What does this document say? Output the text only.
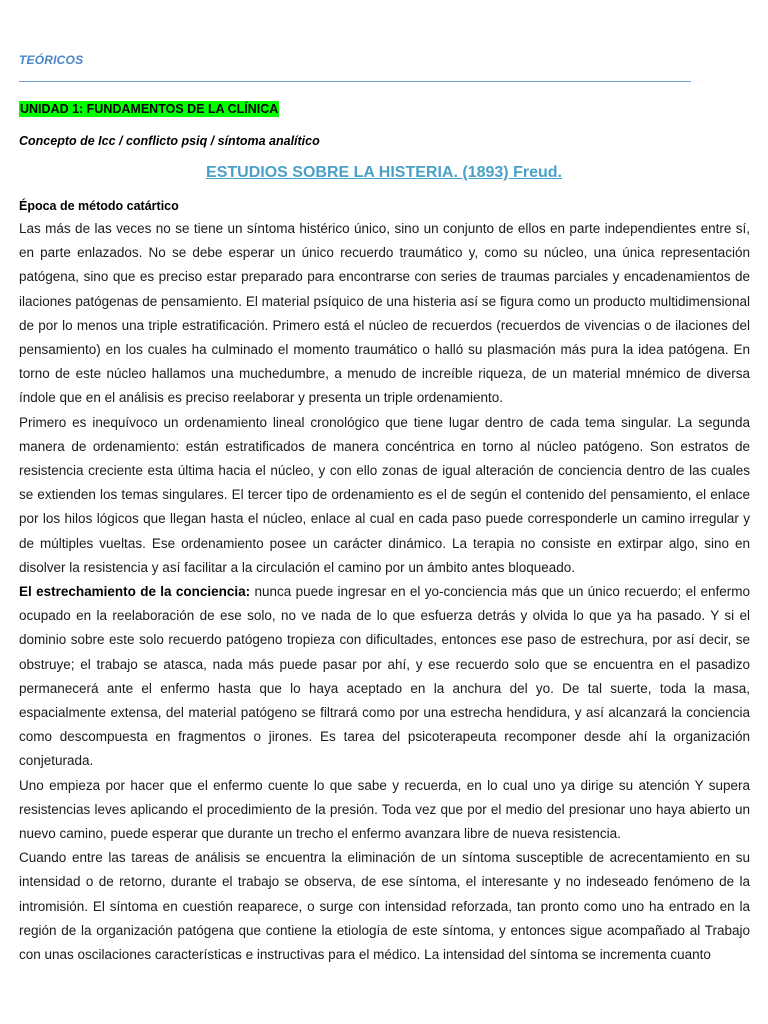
TEÓRICOS
UNIDAD 1: FUNDAMENTOS DE LA CLÍNICA
Concepto de Icc / conflicto psiq / síntoma analítico
ESTUDIOS SOBRE LA HISTERIA. (1893) Freud.
Época de método catártico

Las más de las veces no se tiene un síntoma histérico único, sino un conjunto de ellos en parte independientes entre sí, en parte enlazados. No se debe esperar un único recuerdo traumático y, como su núcleo, una única representación patógena, sino que es preciso estar preparado para encontrarse con series de traumas parciales y encadenamientos de ilaciones patógenas de pensamiento. El material psíquico de una histeria así se figura como un producto multidimensional de por lo menos una triple estratificación. Primero está el núcleo de recuerdos (recuerdos de vivencias o de ilaciones del pensamiento) en los cuales ha culminado el momento traumático o halló su plasmación más pura la idea patógena. En torno de este núcleo hallamos una muchedumbre, a menudo de increíble riqueza, de un material mnémico de diversa índole que en el análisis es preciso reelaborar y presenta un triple ordenamiento.

Primero es inequívoco un ordenamiento lineal cronológico que tiene lugar dentro de cada tema singular. La segunda manera de ordenamiento: están estratificados de manera concéntrica en torno al núcleo patógeno. Son estratos de resistencia creciente esta última hacia el núcleo, y con ello zonas de igual alteración de conciencia dentro de las cuales se extienden los temas singulares. El tercer tipo de ordenamiento es el de según el contenido del pensamiento, el enlace por los hilos lógicos que llegan hasta el núcleo, enlace al cual en cada paso puede corresponderle un camino irregular y de múltiples vueltas. Ese ordenamiento posee un carácter dinámico. La terapia no consiste en extirpar algo, sino en disolver la resistencia y así facilitar a la circulación el camino por un ámbito antes bloqueado.

El estrechamiento de la conciencia: nunca puede ingresar en el yo-conciencia más que un único recuerdo; el enfermo ocupado en la reelaboración de ese solo, no ve nada de lo que esfuerza detrás y olvida lo que ya ha pasado. Y si el dominio sobre este solo recuerdo patógeno tropieza con dificultades, entonces ese paso de estrechura, por así decir, se obstruye; el trabajo se atasca, nada más puede pasar por ahí, y ese recuerdo solo que se encuentra en el pasadizo permanecerá ante el enfermo hasta que lo haya aceptado en la anchura del yo. De tal suerte, toda la masa, espacialmente extensa, del material patógeno se filtrará como por una estrecha hendidura, y así alcanzará la conciencia como descompuesta en fragmentos o jirones. Es tarea del psicoterapeuta recomponer desde ahí la organización conjeturada.

Uno empieza por hacer que el enfermo cuente lo que sabe y recuerda, en lo cual uno ya dirige su atención Y supera resistencias leves aplicando el procedimiento de la presión. Toda vez que por el medio del presionar uno haya abierto un nuevo camino, puede esperar que durante un trecho el enfermo avanzara libre de nueva resistencia.

Cuando entre las tareas de análisis se encuentra la eliminación de un síntoma susceptible de acrecentamiento en su intensidad o de retorno, durante el trabajo se observa, de ese síntoma, el interesante y no indeseado fenómeno de la intromisión. El síntoma en cuestión reaparece, o surge con intensidad reforzada, tan pronto como uno ha entrado en la región de la organización patógena que contiene la etiología de este síntoma, y entonces sigue acompañado al Trabajo con unas oscilaciones características e instructivas para el médico. La intensidad del síntoma se incrementa cuanto
